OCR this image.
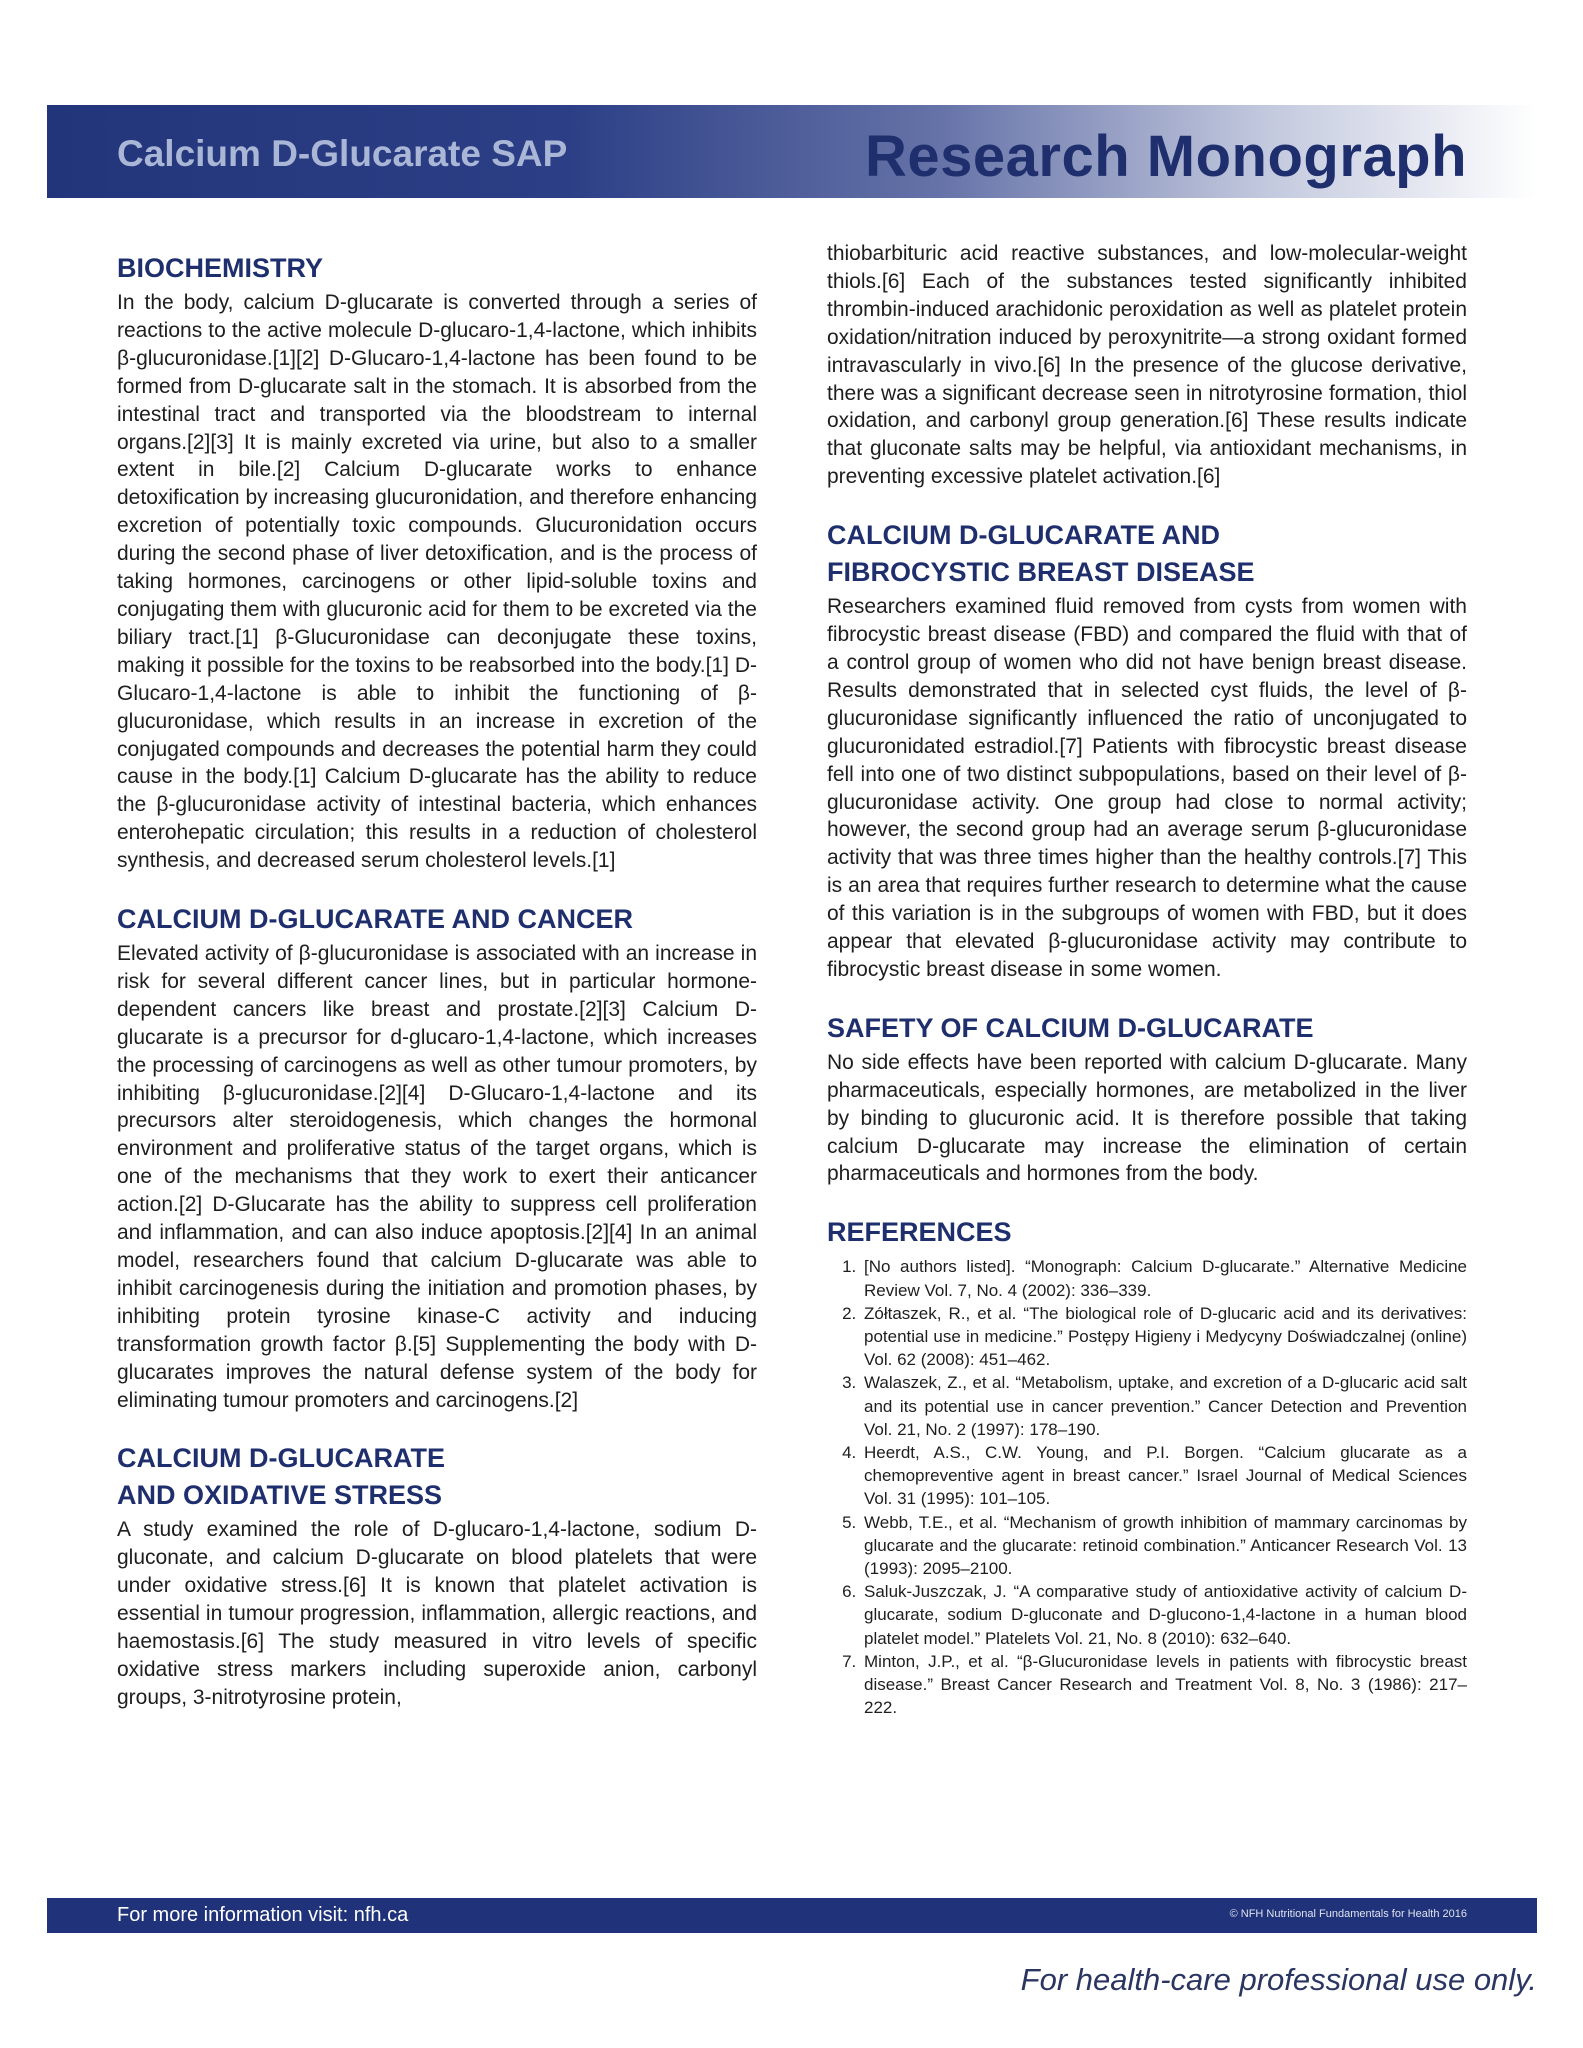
Calcium D-Glucarate SAP	Research Monograph
BIOCHEMISTRY

In the body, calcium D-glucarate is converted through a series of reactions to the active molecule D-glucaro-1,4-lactone, which inhibits β-glucuronidase.[1][2] D-Glucaro-1,4-lactone has been found to be formed from D-glucarate salt in the stomach. It is absorbed from the intestinal tract and transported via the bloodstream to internal organs.[2][3] It is mainly excreted via urine, but also to a smaller extent in bile.[2] Calcium D-glucarate works to enhance detoxification by increasing glucuronidation, and therefore enhancing excretion of potentially toxic compounds. Glucuronidation occurs during the second phase of liver detoxification, and is the process of taking hormones, carcinogens or other lipid-soluble toxins and conjugating them with glucuronic acid for them to be excreted via the biliary tract.[1] β-Glucuronidase can deconjugate these toxins, making it possible for the toxins to be reabsorbed into the body.[1] D-Glucaro-1,4-lactone is able to inhibit the functioning of β-glucuronidase, which results in an increase in excretion of the conjugated compounds and decreases the potential harm they could cause in the body.[1] Calcium D-glucarate has the ability to reduce the β-glucuronidase activity of intestinal bacteria, which enhances enterohepatic circulation; this results in a reduction of cholesterol synthesis, and decreased serum cholesterol levels.[1]

CALCIUM D-GLUCARATE AND CANCER

Elevated activity of β-glucuronidase is associated with an increase in risk for several different cancer lines, but in particular hormone-dependent cancers like breast and prostate.[2][3] Calcium D-glucarate is a precursor for d-glucaro-1,4-lactone, which increases the processing of carcinogens as well as other tumour promoters, by inhibiting β-glucuronidase.[2][4] D-Glucaro-1,4-lactone and its precursors alter steroidogenesis, which changes the hormonal environment and proliferative status of the target organs, which is one of the mechanisms that they work to exert their anticancer action.[2] D-Glucarate has the ability to suppress cell proliferation and inflammation, and can also induce apoptosis.[2][4] In an animal model, researchers found that calcium D-glucarate was able to inhibit carcinogenesis during the initiation and promotion phases, by inhibiting protein tyrosine kinase-C activity and inducing transformation growth factor β.[5] Supplementing the body with D-glucarates improves the natural defense system of the body for eliminating tumour promoters and carcinogens.[2]

CALCIUM D-GLUCARATE
AND OXIDATIVE STRESS

A study examined the role of D-glucaro-1,4-lactone, sodium D-gluconate, and calcium D-glucarate on blood platelets that were under oxidative stress.[6] It is known that platelet activation is essential in tumour progression, inflammation, allergic reactions, and haemostasis.[6] The study measured in vitro levels of specific oxidative stress markers including superoxide anion, carbonyl groups, 3-nitrotyrosine protein,

thiobarbituric acid reactive substances, and low-molecular-weight thiols.[6] Each of the substances tested significantly inhibited thrombin-induced arachidonic peroxidation as well as platelet protein oxidation/nitration induced by peroxynitrite—a strong oxidant formed intravascularly in vivo.[6] In the presence of the glucose derivative, there was a significant decrease seen in nitrotyrosine formation, thiol oxidation, and carbonyl group generation.[6] These results indicate that gluconate salts may be helpful, via antioxidant mechanisms, in preventing excessive platelet activation.[6]

CALCIUM D-GLUCARATE AND
FIBROCYSTIC BREAST DISEASE

Researchers examined fluid removed from cysts from women with fibrocystic breast disease (FBD) and compared the fluid with that of a control group of women who did not have benign breast disease. Results demonstrated that in selected cyst fluids, the level of β-glucuronidase significantly influenced the ratio of unconjugated to glucuronidated estradiol.[7] Patients with fibrocystic breast disease fell into one of two distinct subpopulations, based on their level of β-glucuronidase activity. One group had close to normal activity; however, the second group had an average serum β-glucuronidase activity that was three times higher than the healthy controls.[7] This is an area that requires further research to determine what the cause of this variation is in the subgroups of women with FBD, but it does appear that elevated β-glucuronidase activity may contribute to fibrocystic breast disease in some women.

SAFETY OF CALCIUM D-GLUCARATE

No side effects have been reported with calcium D-glucarate. Many pharmaceuticals, especially hormones, are metabolized in the liver by binding to glucuronic acid. It is therefore possible that taking calcium D-glucarate may increase the elimination of certain pharmaceuticals and hormones from the body.

REFERENCES
1. [No authors listed]. “Monograph: Calcium D-glucarate.” Alternative Medicine Review Vol. 7, No. 4 (2002): 336–339.
2. Zółtaszek, R., et al. “The biological role of D-glucaric acid and its derivatives: potential use in medicine.” Postępy Higieny i Medycyny Doświadczalnej (online) Vol. 62 (2008): 451–462.
3. Walaszek, Z., et al. “Metabolism, uptake, and excretion of a D-glucaric acid salt and its potential use in cancer prevention.” Cancer Detection and Prevention Vol. 21, No. 2 (1997): 178–190.
4. Heerdt, A.S., C.W. Young, and P.I. Borgen. “Calcium glucarate as a chemopreventive agent in breast cancer.” Israel Journal of Medical Sciences Vol. 31 (1995): 101–105.
5. Webb, T.E., et al. “Mechanism of growth inhibition of mammary carcinomas by glucarate and the glucarate: retinoid combination.” Anticancer Research Vol. 13 (1993): 2095–2100.
6. Saluk-Juszczak, J. “A comparative study of antioxidative activity of calcium D-glucarate, sodium D-gluconate and D-glucono-1,4-lactone in a human blood platelet model.” Platelets Vol. 21, No. 8 (2010): 632–640.
7. Minton, J.P., et al. “β-Glucuronidase levels in patients with fibrocystic breast disease.” Breast Cancer Research and Treatment Vol. 8, No. 3 (1986): 217–222.
For more information visit: nfh.ca	© NFH Nutritional Fundamentals for Health 2016
For health-care professional use only.
